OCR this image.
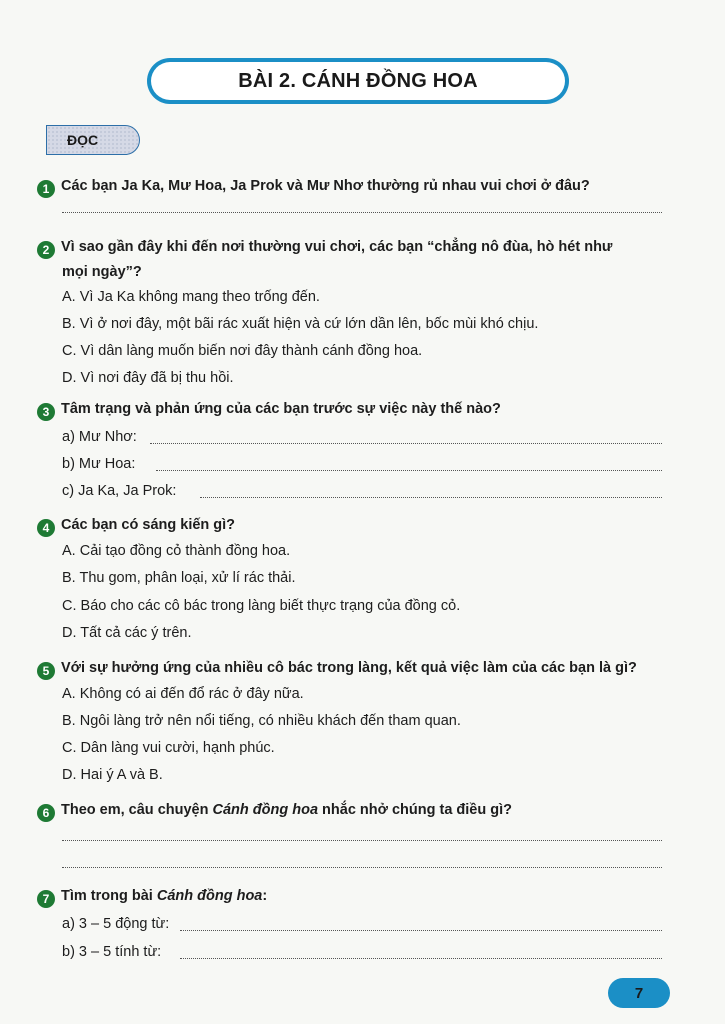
BÀI 2. CÁNH ĐỒNG HOA
ĐỌC
1 Các bạn Ja Ka, Mư Hoa, Ja Prok và Mư Nhơ thường rủ nhau vui chơi ở đâu?
2 Vì sao gần đây khi đến nơi thường vui chơi, các bạn “chẳng nô đùa, hò hét như
mọi ngày”?
A. Vì Ja Ka không mang theo trống đến.
B. Vì ở nơi đây, một bãi rác xuất hiện và cứ lớn dần lên, bốc mùi khó chịu.
C. Vì dân làng muốn biến nơi đây thành cánh đồng hoa.
D. Vì nơi đây đã bị thu hồi.
3 Tâm trạng và phản ứng của các bạn trước sự việc này thế nào?
a) Mư Nhơ:
b) Mư Hoa:
c) Ja Ka, Ja Prok:
4 Các bạn có sáng kiến gì?
A. Cải tạo đồng cỏ thành đồng hoa.
B. Thu gom, phân loại, xử lí rác thải.
C. Báo cho các cô bác trong làng biết thực trạng của đồng cỏ.
D. Tất cả các ý trên.
5 Với sự hưởng ứng của nhiều cô bác trong làng, kết quả việc làm của các bạn là gì?
A. Không có ai đến đổ rác ở đây nữa.
B. Ngôi làng trở nên nổi tiếng, có nhiều khách đến tham quan.
C. Dân làng vui cười, hạnh phúc.
D. Hai ý A và B.
6 Theo em, câu chuyện Cánh đồng hoa nhắc nhở chúng ta điều gì?
7 Tìm trong bài Cánh đồng hoa:
a) 3 – 5 động từ:
b) 3 – 5 tính từ:
7
